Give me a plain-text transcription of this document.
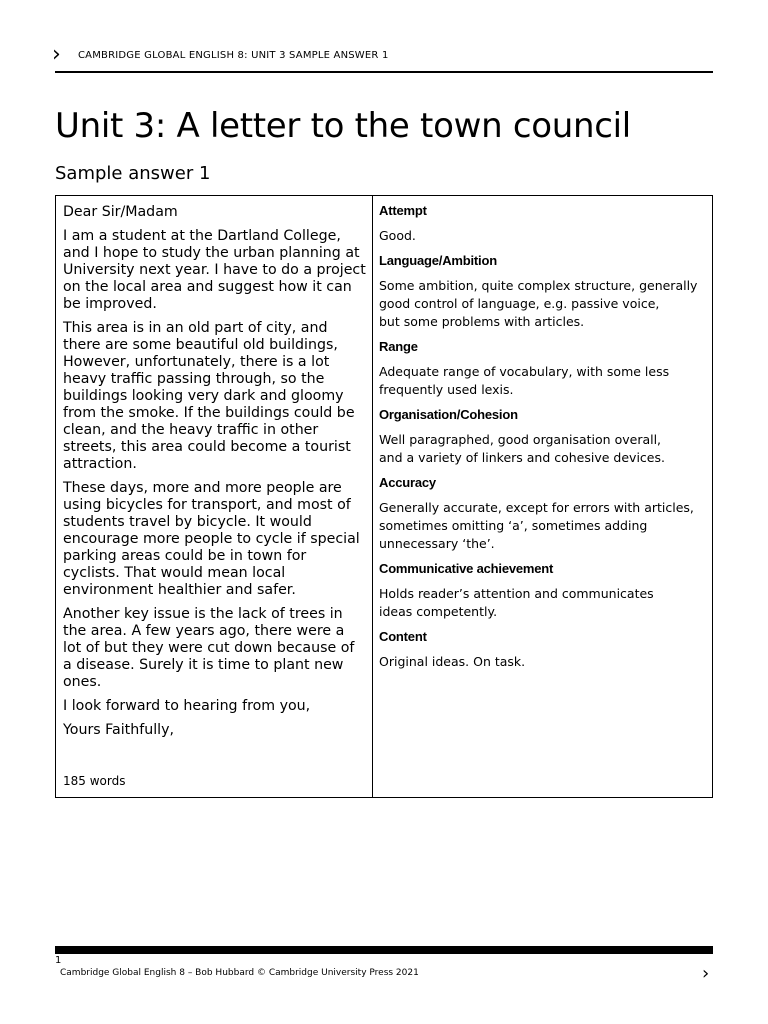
› CAMBRIDGE GLOBAL ENGLISH 8: UNIT 3 SAMPLE ANSWER 1
Unit 3: A letter to the town council
Sample answer 1

Dear Sir/Madam

I am a student at the Dartland College, and I hope to study the urban planning at University next year. I have to do a project on the local area and suggest how it can be improved.

This area is in an old part of city, and there are some beautiful old buildings, However, unfortunately, there is a lot heavy traffic passing through, so the buildings looking very dark and gloomy from the smoke. If the buildings could be clean, and the heavy traffic in other streets, this area could become a tourist attraction.

These days, more and more people are using bicycles for transport, and most of students travel by bicycle. It would encourage more people to cycle if special parking areas could be in town for cyclists. That would mean local environment healthier and safer.

Another key issue is the lack of trees in the area. A few years ago, there were a lot of but they were cut down because of a disease. Surely it is time to plant new ones.

I look forward to hearing from you,

Yours Faithfully,

185 words
Attempt
Good.
Language/Ambition
Some ambition, quite complex structure, generally good control of language, e.g. passive voice,
but some problems with articles.
Range
Adequate range of vocabulary, with some less frequently used lexis.
Organisation/Cohesion
Well paragraphed, good organisation overall,
and a variety of linkers and cohesive devices.
Accuracy
Generally accurate, except for errors with articles, sometimes omitting ‘a’, sometimes adding unnecessary ‘the’.
Communicative achievement
Holds reader’s attention and communicates
ideas competently.
Content
Original ideas. On task.
1
Cambridge Global English 8 – Bob Hubbard © Cambridge University Press 2021	›
